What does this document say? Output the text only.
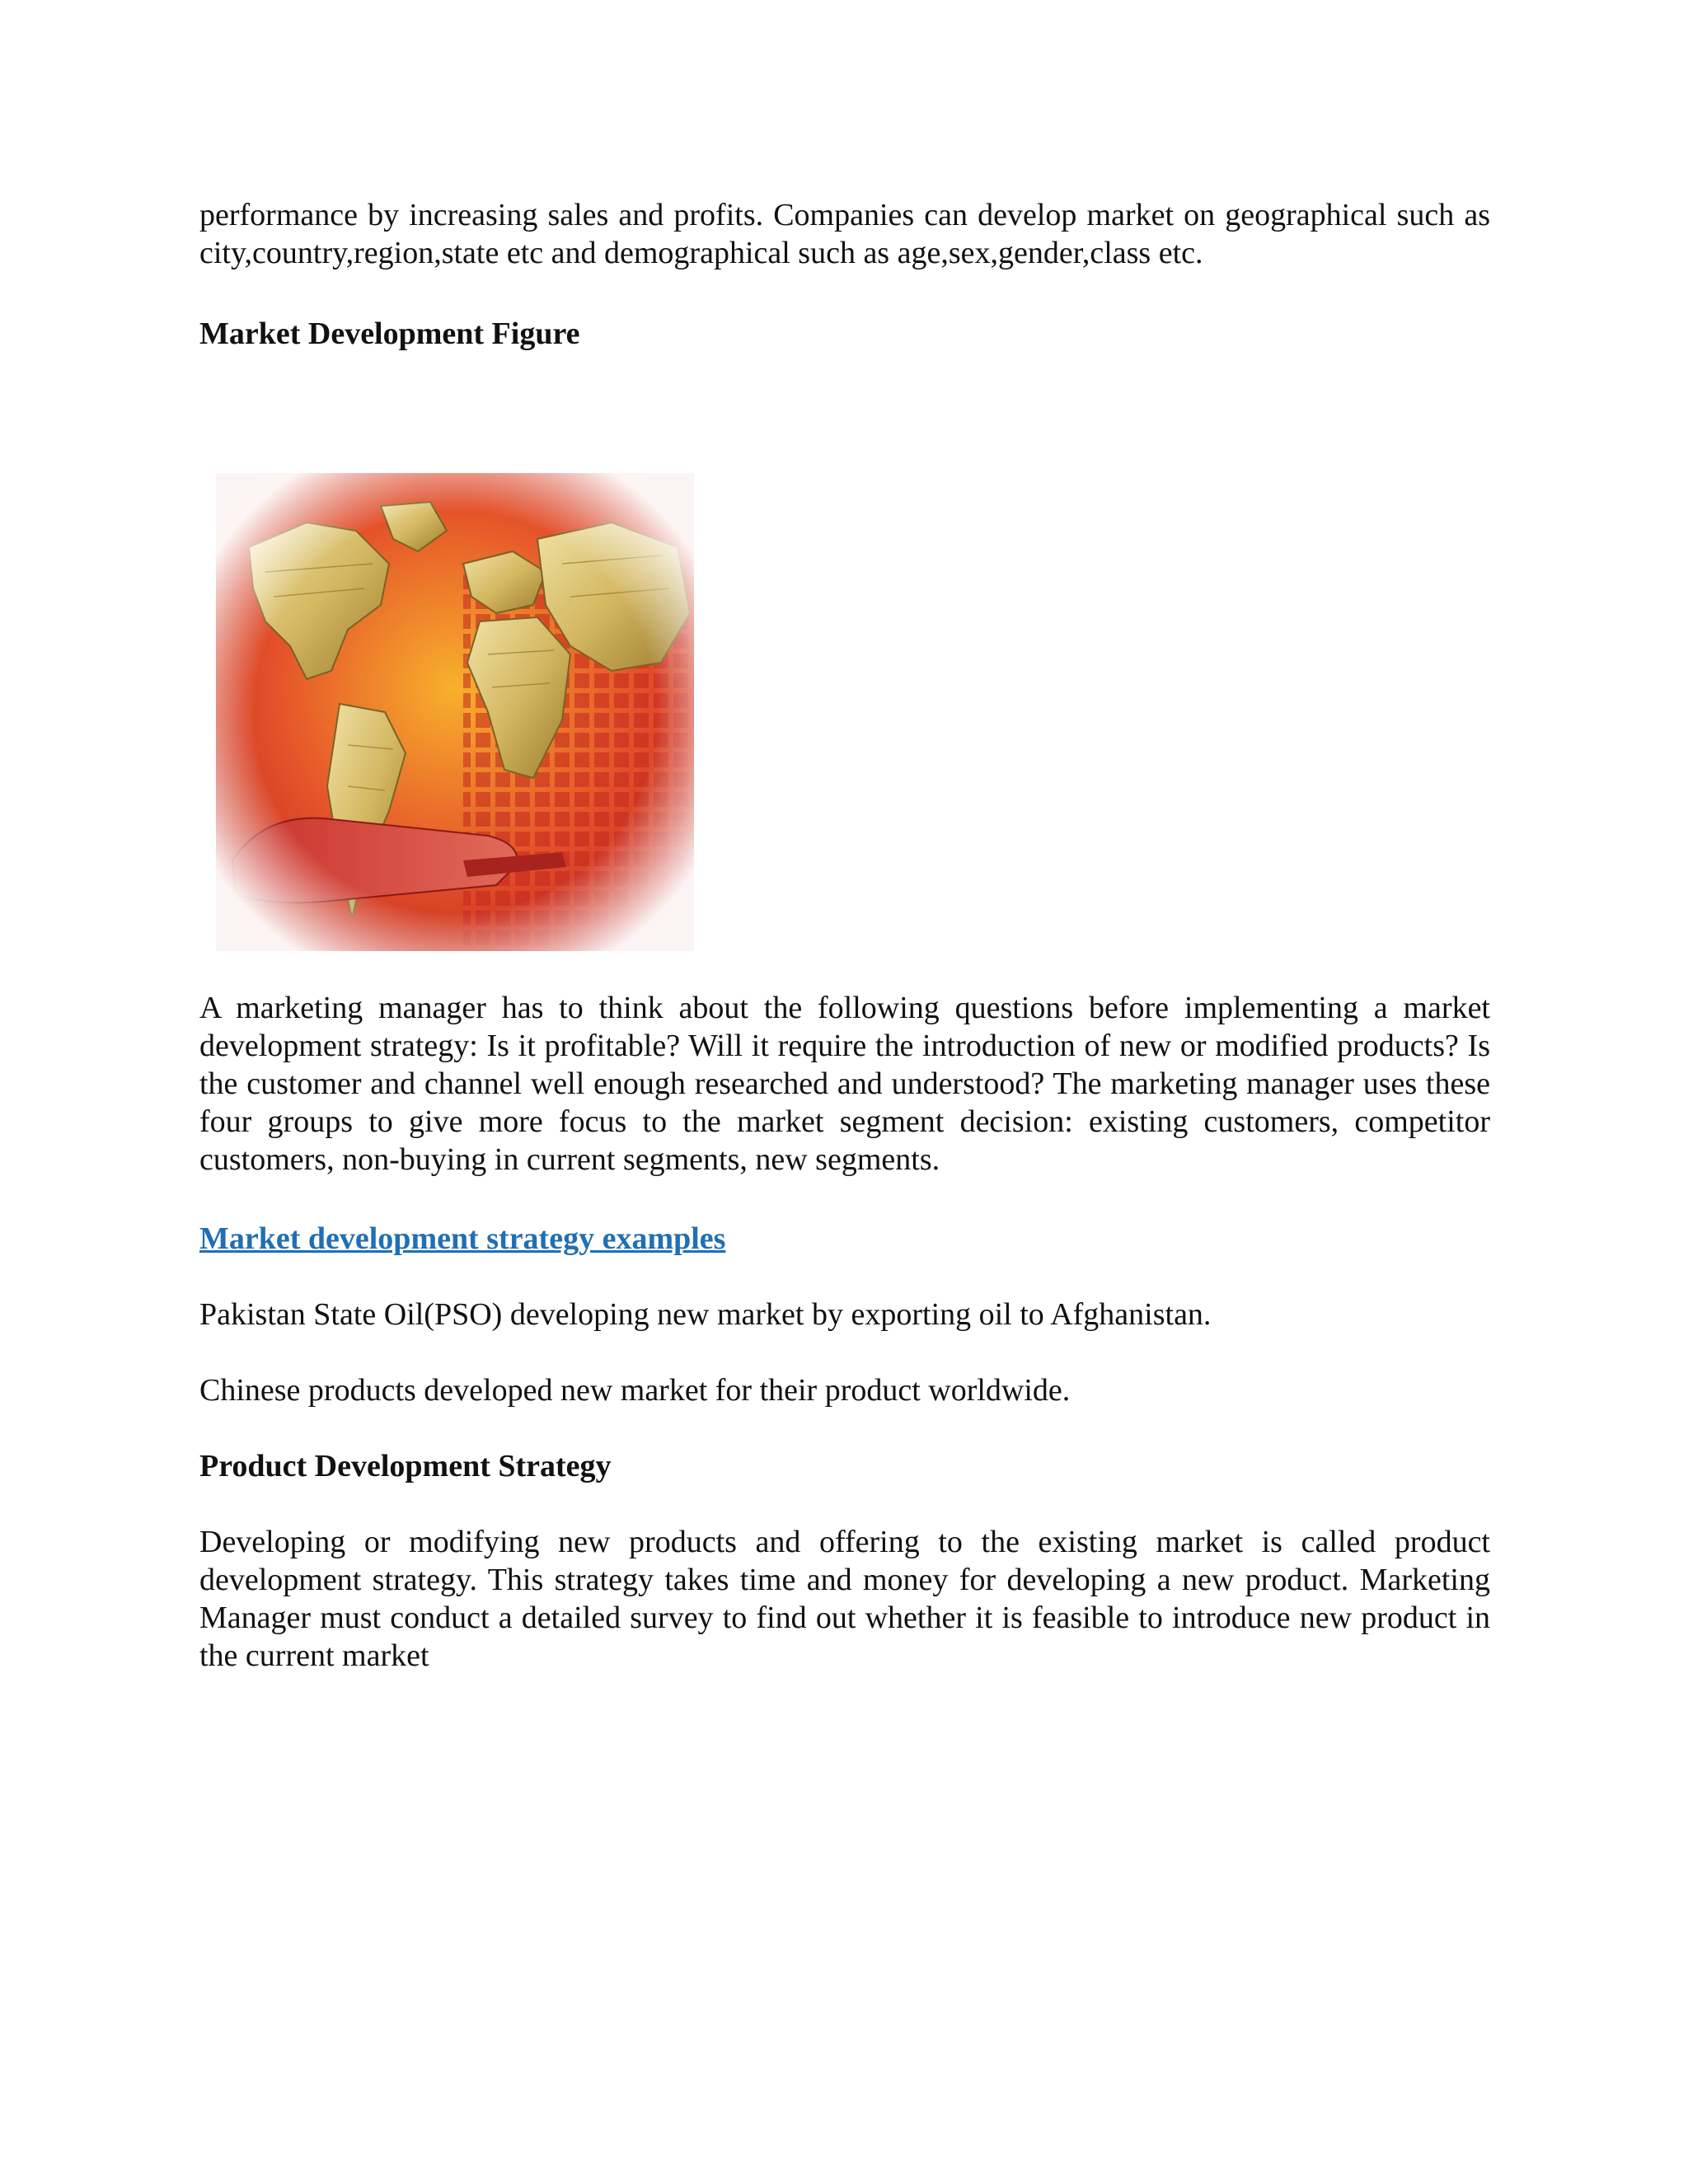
performance by increasing sales and profits. Companies can develop market on geographical such as city,country,region,state etc and demographical such as age,sex,gender,class etc.

Market Development Figure

A marketing manager has to think about the following questions before implementing a market development strategy: Is it profitable? Will it require the introduction of new or modified products? Is the customer and channel well enough researched and understood? The marketing manager uses these four groups to give more focus to the market segment decision: existing customers, competitor customers, non-buying in current segments, new segments.

Market development strategy examples

Pakistan State Oil(PSO) developing new market by exporting oil to Afghanistan.

Chinese products developed new market for their product worldwide.

Product Development Strategy

Developing or modifying new products and offering to the existing market is called product development strategy. This strategy takes time and money for developing a new product. Marketing Manager must conduct a detailed survey to find out whether it is feasible to introduce new product in the current market
